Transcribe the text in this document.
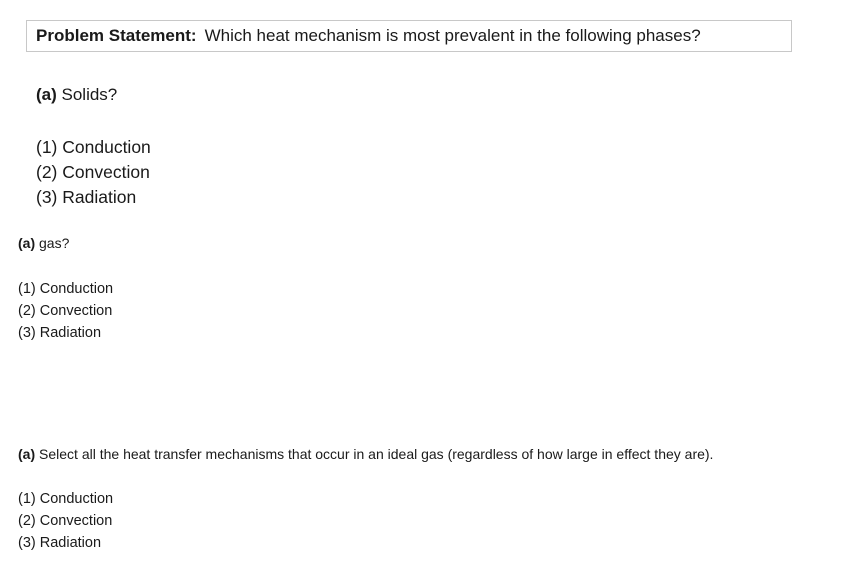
Problem Statement: Which heat mechanism is most prevalent in the following phases?
(a) Solids?
(1) Conduction
(2) Convection
(3) Radiation
(a) gas?
(1) Conduction
(2) Convection
(3) Radiation
(a) Select all the heat transfer mechanisms that occur in an ideal gas (regardless of how large in effect they are).
(1) Conduction
(2) Convection
(3) Radiation
